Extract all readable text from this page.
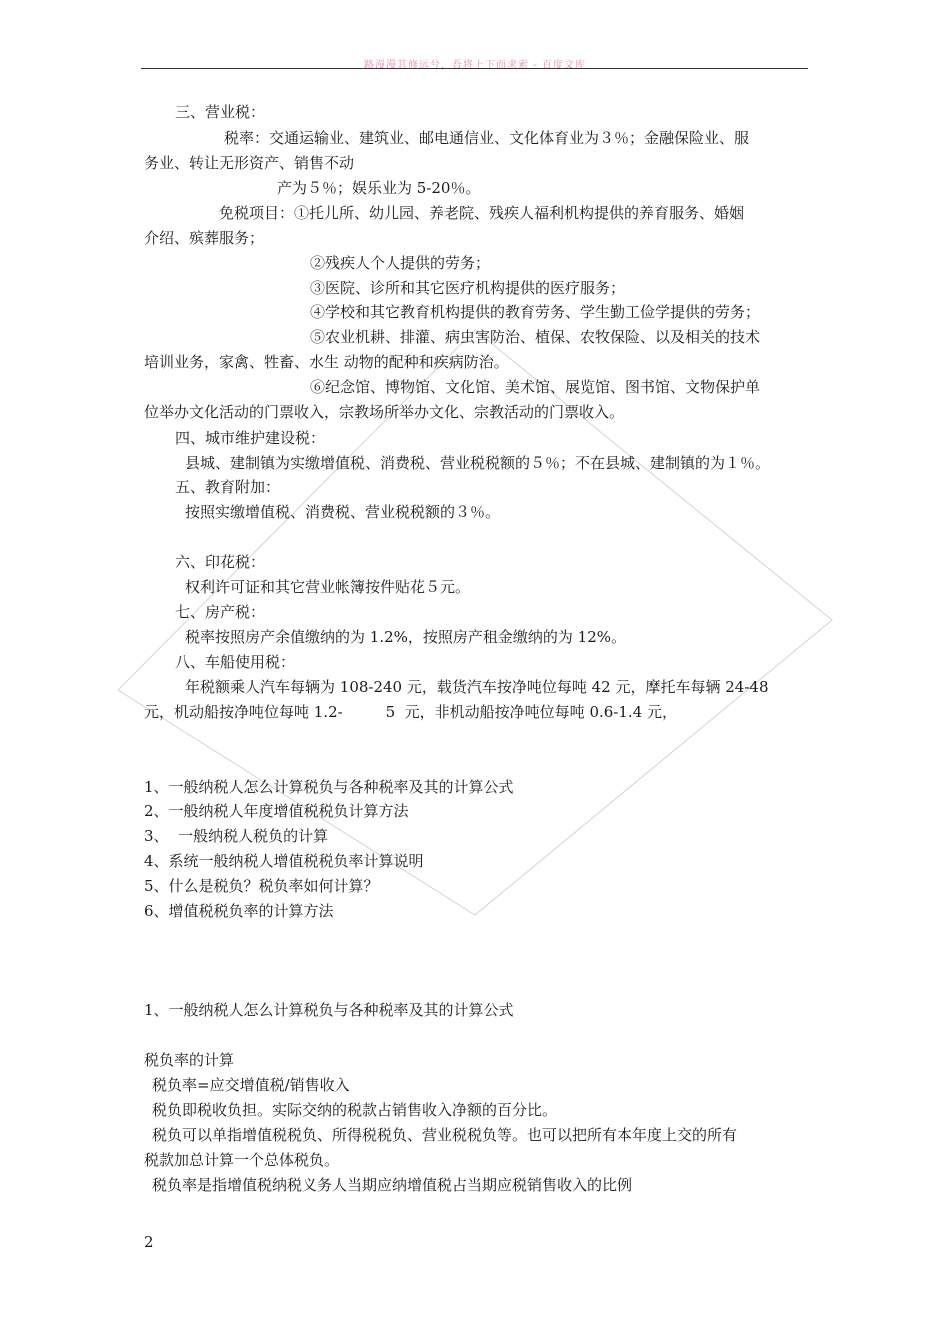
路漫漫其修远兮，吾将上下而求索 - 百度文库
三、营业税：
税率：交通运输业、建筑业、邮电通信业、文化体育业为３％；金融保险业、服
务业、转让无形资产、销售不动
产为５％；娱乐业为 5-20％。
免税项目：①托儿所、幼儿园、养老院、残疾人福利机构提供的养育服务、婚姻
介绍、殡葬服务；
②残疾人个人提供的劳务；
③医院、诊所和其它医疗机构提供的医疗服务；
④学校和其它教育机构提供的教育劳务、学生勤工俭学提供的劳务；
⑤农业机耕、排灌、病虫害防治、植保、农牧保险、以及相关的技术
培训业务，家禽、牲畜、水生 动物的配种和疾病防治。
⑥纪念馆、博物馆、文化馆、美术馆、展览馆、图书馆、文物保护单
位举办文化活动的门票收入，宗教场所举办文化、宗教活动的门票收入。
四、城市维护建设税：
县城、建制镇为实缴增值税、消费税、营业税税额的５％；不在县城、建制镇的为１％。
五、教育附加：
按照实缴增值税、消费税、营业税税额的３％。
六、印花税：
权利许可证和其它营业帐簿按件贴花５元。
七、房产税：
税率按照房产余值缴纳的为 1.2%，按照房产租金缴纳的为 12%。
八、车船使用税：
年税额乘人汽车每辆为 108-240 元，载货汽车按净吨位每吨 42 元，摩托车每辆 24-48
元，机动船按净吨位每吨 1.2-         5  元，非机动船按净吨位每吨 0.6-1.4 元，
1、一般纳税人怎么计算税负与各种税率及其的计算公式
2、一般纳税人年度增值税税负计算方法
3、  一般纳税人税负的计算
4、系统一般纳税人增值税税负率计算说明
5、什么是税负？税负率如何计算？
6、增值税税负率的计算方法
1、一般纳税人怎么计算税负与各种税率及其的计算公式
税负率的计算
税负率=应交增值税/销售收入
税负即税收负担。实际交纳的税款占销售收入净额的百分比。
税负可以单指增值税税负、所得税税负、营业税税负等。也可以把所有本年度上交的所有
税款加总计算一个总体税负。
税负率是指增值税纳税义务人当期应纳增值税占当期应税销售收入的比例
2
